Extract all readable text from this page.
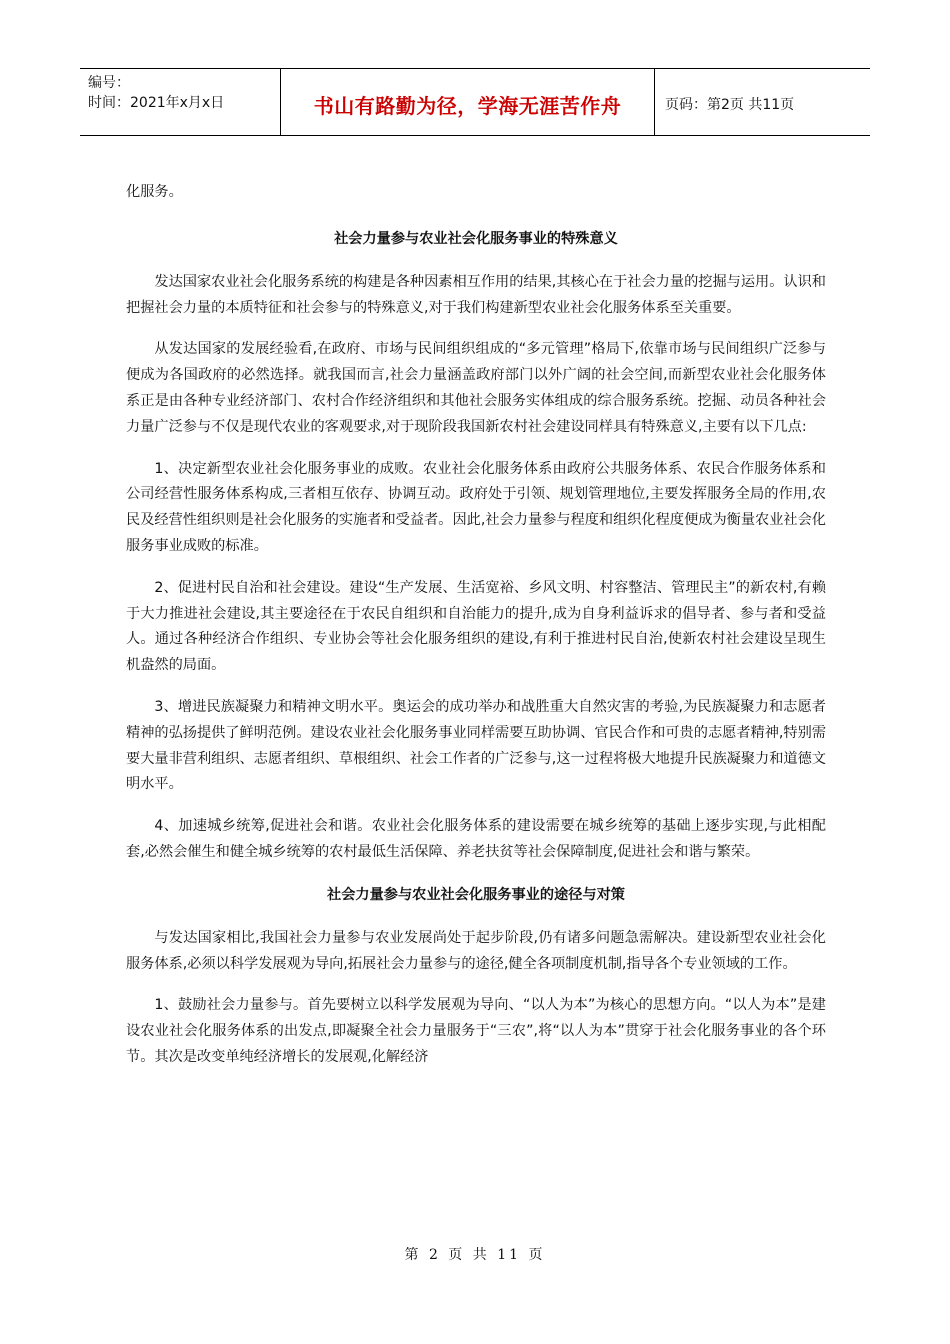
编号：
时间：2021年x月x日	书山有路勤为径，学海无涯苦作舟	页码：第2页 共11页

化服务。

社会力量参与农业社会化服务事业的特殊意义

发达国家农业社会化服务系统的构建是各种因素相互作用的结果,其核心在于社会力量的挖掘与运用。认识和把握社会力量的本质特征和社会参与的特殊意义,对于我们构建新型农业社会化服务体系至关重要。

从发达国家的发展经验看,在政府、市场与民间组织组成的“多元管理”格局下,依靠市场与民间组织广泛参与便成为各国政府的必然选择。就我国而言,社会力量涵盖政府部门以外广阔的社会空间,而新型农业社会化服务体系正是由各种专业经济部门、农村合作经济组织和其他社会服务实体组成的综合服务系统。挖掘、动员各种社会力量广泛参与不仅是现代农业的客观要求,对于现阶段我国新农村社会建设同样具有特殊意义,主要有以下几点:

1、决定新型农业社会化服务事业的成败。农业社会化服务体系由政府公共服务体系、农民合作服务体系和公司经营性服务体系构成,三者相互依存、协调互动。政府处于引领、规划管理地位,主要发挥服务全局的作用,农民及经营性组织则是社会化服务的实施者和受益者。因此,社会力量参与程度和组织化程度便成为衡量农业社会化服务事业成败的标准。

2、促进村民自治和社会建设。建设“生产发展、生活宽裕、乡风文明、村容整洁、管理民主”的新农村,有赖于大力推进社会建设,其主要途径在于农民自组织和自治能力的提升,成为自身利益诉求的倡导者、参与者和受益人。通过各种经济合作组织、专业协会等社会化服务组织的建设,有利于推进村民自治,使新农村社会建设呈现生机盎然的局面。

3、增进民族凝聚力和精神文明水平。奥运会的成功举办和战胜重大自然灾害的考验,为民族凝聚力和志愿者精神的弘扬提供了鲜明范例。建设农业社会化服务事业同样需要互助协调、官民合作和可贵的志愿者精神,特别需要大量非营利组织、志愿者组织、草根组织、社会工作者的广泛参与,这一过程将极大地提升民族凝聚力和道德文明水平。

4、加速城乡统筹,促进社会和谐。农业社会化服务体系的建设需要在城乡统筹的基础上逐步实现,与此相配套,必然会催生和健全城乡统筹的农村最低生活保障、养老扶贫等社会保障制度,促进社会和谐与繁荣。

社会力量参与农业社会化服务事业的途径与对策

与发达国家相比,我国社会力量参与农业发展尚处于起步阶段,仍有诸多问题急需解决。建设新型农业社会化服务体系,必须以科学发展观为导向,拓展社会力量参与的途径,健全各项制度机制,指导各个专业领域的工作。

1、鼓励社会力量参与。首先要树立以科学发展观为导向、“以人为本”为核心的思想方向。“以人为本”是建设农业社会化服务体系的出发点,即凝聚全社会力量服务于“三农”,将“以人为本”贯穿于社会化服务事业的各个环节。其次是改变单纯经济增长的发展观,化解经济

第 2 页 共 11 页
